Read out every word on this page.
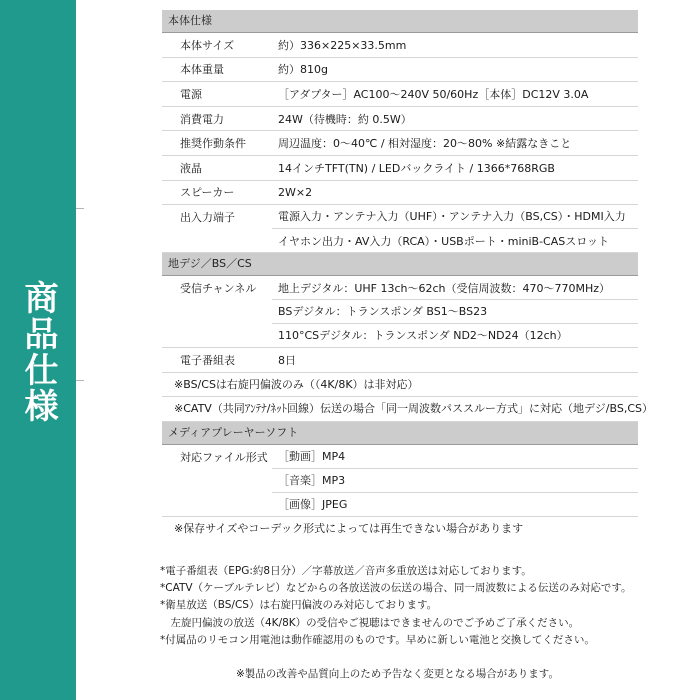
商品仕様
本体仕様
本体サイズ	約）336×225×33.5mm
本体重量	約）810g
電源	［アダプター］AC100～240V 50/60Hz［本体］DC12V 3.0A
消費電力	24W（待機時：約 0.5W）
推奨作動条件	周辺温度：0～40℃ / 相対湿度：20～80% ※結露なきこと
液晶	14インチTFT(TN) / LEDバックライト / 1366*768RGB
スピーカー	2W×2
出入力端子	電源入力・アンテナ入力（UHF）・アンテナ入力（BS,CS）・HDMI入力
イヤホン出力・AV入力（RCA）・USBポート・miniB-CASスロット
地デジ／BS／CS
受信チャンネル	地上デジタル：UHF 13ch～62ch（受信周波数：470～770MHz）
BSデジタル：トランスポンダ BS1～BS23
110°CSデジタル：トランスポンダ ND2～ND24（12ch）
電子番組表	8日
※BS/CSは右旋円偏波のみ（（4K/8K）は非対応）
※CATV（共同ｱﾝﾃﾅ/ﾈｯﾄ回線）伝送の場合「同一周波数パススルー方式」に対応（地デジ/BS,CS）
メディアプレーヤーソフト
対応ファイル形式 ［動画］MP4
［音楽］MP3
［画像］JPEG
※保存サイズやコーデック形式によっては再生できない場合があります
*電子番組表（EPG:約8日分）／字幕放送／音声多重放送は対応しております。
*CATV（ケーブルテレビ）などからの各放送波の伝送の場合、同一周波数による伝送のみ対応です。
*衛星放送（BS/CS）は右旋円偏波のみ対応しております。
　左旋円偏波の放送（4K/8K）の受信やご視聴はできませんのでご予めご了承ください。
*付属品のリモコン用電池は動作確認用のものです。早めに新しい電池と交換してください。
※製品の改善や品質向上のため予告なく変更となる場合があります。
